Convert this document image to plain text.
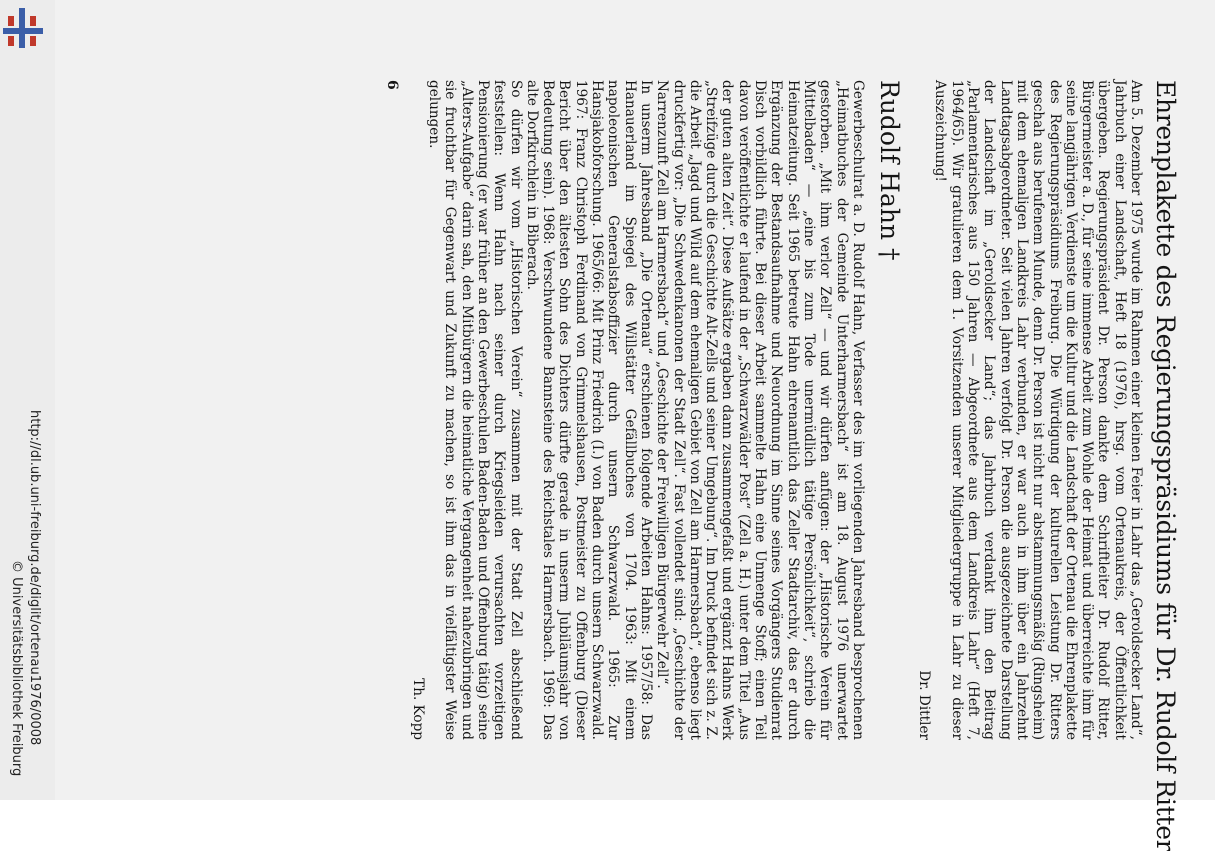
http://dl.ub.uni-freiburg.de/diglit/ortenau1976/0008
© Universitätsbibliothek Freiburg	Ehrenplakette des Regierungspräsidiums für Dr. Rudolf Ritter

Am 5. Dezember 1975 wurde im Rahmen einer kleinen Feier in Lahr das „Geroldsecker Land“, Jahrbuch einer Landschaft, Heft 18 (1976), hrsg. vom Ortenaukreis, der Öffentlichkeit übergeben. Regierungspräsident Dr. Person dankte dem Schriftleiter Dr. Rudolf Ritter, Bürgermeister a. D., für seine immense Arbeit zum Wohle der Heimat und überreichte ihm für seine langjährigen Verdienste um die Kultur und die Landschaft der Ortenau die Ehrenplakette des Regierungspräsidiums Freiburg. Die Würdigung der kulturellen Leistung Dr. Ritters geschah aus berufenem Munde, denn Dr. Person ist nicht nur abstammungsmäßig (Ringsheim) mit dem ehemaligen Landkreis Lahr verbunden, er war auch in ihm über ein Jahrzehnt Landtagsabgeordneter. Seit vielen Jahren verfolgt Dr. Person die ausgezeichnete Darstellung der Landschaft im „Geroldsecker Land“; das Jahrbuch verdankt ihm den Beitrag „Parlamentarisches aus 150 Jahren — Abgeordnete aus dem Landkreis Lahr“ (Heft 7, 1964/65). Wir gratulieren dem 1. Vorsitzenden unserer Mitgliedergruppe in Lahr zu dieser Auszeichnung!

Dr. Dittler

Rudolf Hahn †

Gewerbeschulrat a. D. Rudolf Hahn, Verfasser des im vorliegenden Jahresband besprochenen „Heimatbuches der Gemeinde Unterharmersbach“ ist am 18. August 1976 unerwartet gestorben. „Mit ihm verlor Zell“ — und wir dürfen anfügen: der „Historische Verein für Mittelbaden“ — „eine bis zum Tode unermüdlich tätige Persönlichkeit“, schrieb die Heimatzeitung. Seit 1965 betreute Hahn ehrenamtlich das Zeller Stadtarchiv, das er durch Ergänzung der Bestandsaufnahme und Neuordnung im Sinne seines Vorgängers Studienrat Disch vorbildlich führte. Bei dieser Arbeit sammelte Hahn eine Unmenge Stoff; einen Teil davon veröffentlichte er laufend in der „Schwarzwälder Post“ (Zell a. H.) unter dem Titel „Aus der guten alten Zeit“. Diese Aufsätze ergaben dann zusammengefaßt und ergänzt Hahns Werk „Streifzüge durch die Geschichte Alt-Zells und seiner Umgebung“. Im Druck befindet sich z. Z. die Arbeit „Jagd und Wild auf dem ehemaligen Gebiet von Zell am Harmersbach“, ebenso liegt druckfertig vor: „Die Schwedenkanonen der Stadt Zell“. Fast vollendet sind: „Geschichte der Narrenzunft Zell am Harmersbach“ und „Geschichte der Freiwilligen Bürgerwehr Zell“.

In unserm Jahresband „Die Ortenau“ erschienen folgende Arbeiten Hahns: 1957/58: Das Hanauerland im Spiegel des Willstätter Gefällbuches von 1704. 1963: Mit einem napoleonischen Generalstabsoffizier durch unsern Schwarzwald. 1965: Zur Hansjakobforschung. 1965/66: Mit Prinz Friedrich (I.) von Baden durch unsern Schwarzwald. 1967: Franz Christoph Ferdinand von Grimmelshausen, Postmeister zu Offenburg (Dieser Bericht über den ältesten Sohn des Dichters dürfte gerade in unserm Jubiläumsjahr von Bedeutung sein). 1968: Verschwundene Bannsteine des Reichstales Harmersbach. 1969: Das alte Dorfkirchlein in Biberach.

So dürfen wir vom „Historischen Verein“ zusammen mit der Stadt Zell abschließend feststellen: Wenn Hahn nach seiner durch Kriegsleiden verursachten vorzeitigen Pensionierung (er war früher an den Gewerbeschulen Baden-Baden und Offenburg tätig) seine „Alters-Aufgabe“ darin sah, den Mitbürgern die heimatliche Vergangenheit nahezubringen und sie fruchtbar für Gegenwart und Zukunft zu machen, so ist ihm das in vielfältigster Weise gelungen.

Th. Kopp

6
